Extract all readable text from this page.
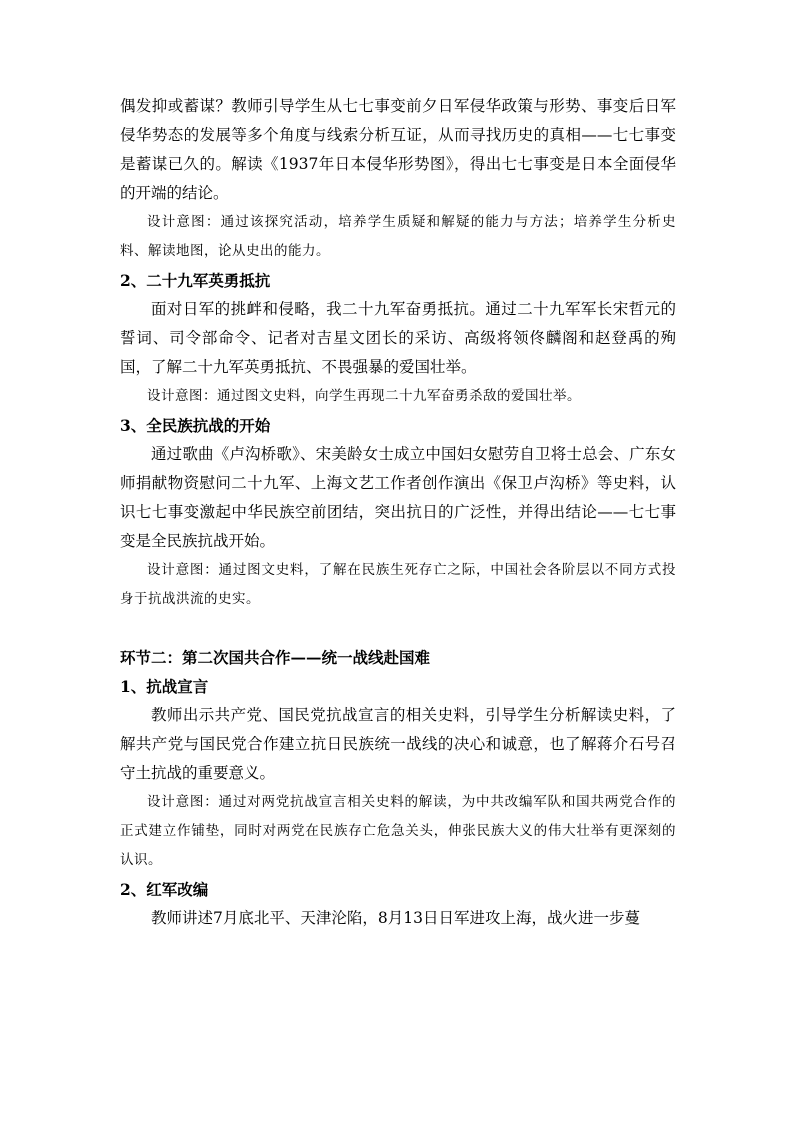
偶发抑或蓄谋？教师引导学生从七七事变前夕日军侵华政策与形势、事变后日军侵华势态的发展等多个角度与线索分析互证，从而寻找历史的真相——七七事变是蓄谋已久的。解读《1937年日本侵华形势图》，得出七七事变是日本全面侵华的开端的结论。

设计意图：通过该探究活动，培养学生质疑和解疑的能力与方法；培养学生分析史料、解读地图，论从史出的能力。

2、二十九军英勇抵抗

面对日军的挑衅和侵略，我二十九军奋勇抵抗。通过二十九军军长宋哲元的誓词、司令部命令、记者对吉星文团长的采访、高级将领佟麟阁和赵登禹的殉国，了解二十九军英勇抵抗、不畏强暴的爱国壮举。

设计意图：通过图文史料，向学生再现二十九军奋勇杀敌的爱国壮举。

3、全民族抗战的开始

通过歌曲《卢沟桥歌》、宋美龄女士成立中国妇女慰劳自卫将士总会、广东女师捐献物资慰问二十九军、上海文艺工作者创作演出《保卫卢沟桥》等史料，认识七七事变激起中华民族空前团结，突出抗日的广泛性，并得出结论——七七事变是全民族抗战开始。

设计意图：通过图文史料，了解在民族生死存亡之际，中国社会各阶层以不同方式投身于抗战洪流的史实。

环节二：第二次国共合作——统一战线赴国难

1、抗战宣言

教师出示共产党、国民党抗战宣言的相关史料，引导学生分析解读史料，了解共产党与国民党合作建立抗日民族统一战线的决心和诚意，也了解蒋介石号召守土抗战的重要意义。

设计意图：通过对两党抗战宣言相关史料的解读，为中共改编军队和国共两党合作的正式建立作铺垫，同时对两党在民族存亡危急关头，伸张民族大义的伟大壮举有更深刻的认识。

2、红军改编

教师讲述7月底北平、天津沦陷，8月13日日军进攻上海，战火进一步蔓
